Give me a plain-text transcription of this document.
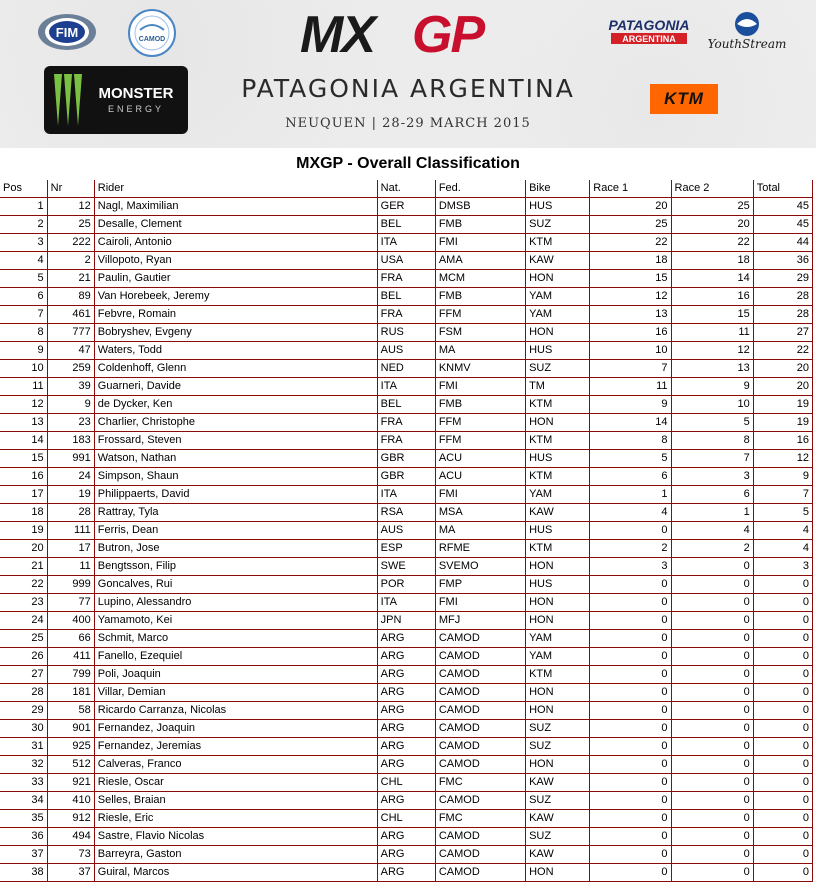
FIM	CAMOD
MONSTER
ENERGY
MX GP
PATAGONIA ARGENTINA
NEUQUEN | 28-29 MARCH 2015
PATAGONIA
ARGENTINA	YouthStream
KTM
MXGP - Overall Classification
Pos	Nr	Rider	Nat.	Fed.	Bike	Race 1	Race 2	Total
1	12	Nagl, Maximilian	GER	DMSB	HUS	20	25	45
2	25	Desalle, Clement	BEL	FMB	SUZ	25	20	45
3	222	Cairoli, Antonio	ITA	FMI	KTM	22	22	44
4	2	Villopoto, Ryan	USA	AMA	KAW	18	18	36
5	21	Paulin, Gautier	FRA	MCM	HON	15	14	29
6	89	Van Horebeek, Jeremy	BEL	FMB	YAM	12	16	28
7	461	Febvre, Romain	FRA	FFM	YAM	13	15	28
8	777	Bobryshev, Evgeny	RUS	FSM	HON	16	11	27
9	47	Waters, Todd	AUS	MA	HUS	10	12	22
10	259	Coldenhoff, Glenn	NED	KNMV	SUZ	7	13	20
11	39	Guarneri, Davide	ITA	FMI	TM	11	9	20
12	9	de Dycker, Ken	BEL	FMB	KTM	9	10	19
13	23	Charlier, Christophe	FRA	FFM	HON	14	5	19
14	183	Frossard, Steven	FRA	FFM	KTM	8	8	16
15	991	Watson, Nathan	GBR	ACU	HUS	5	7	12
16	24	Simpson, Shaun	GBR	ACU	KTM	6	3	9
17	19	Philippaerts, David	ITA	FMI	YAM	1	6	7
18	28	Rattray, Tyla	RSA	MSA	KAW	4	1	5
19	111	Ferris, Dean	AUS	MA	HUS	0	4	4
20	17	Butron, Jose	ESP	RFME	KTM	2	2	4
21	11	Bengtsson, Filip	SWE	SVEMO	HON	3	0	3
22	999	Goncalves, Rui	POR	FMP	HUS	0	0	0
23	77	Lupino, Alessandro	ITA	FMI	HON	0	0	0
24	400	Yamamoto, Kei	JPN	MFJ	HON	0	0	0
25	66	Schmit, Marco	ARG	CAMOD	YAM	0	0	0
26	411	Fanello, Ezequiel	ARG	CAMOD	YAM	0	0	0
27	799	Poli, Joaquin	ARG	CAMOD	KTM	0	0	0
28	181	Villar, Demian	ARG	CAMOD	HON	0	0	0
29	58	Ricardo Carranza, Nicolas	ARG	CAMOD	HON	0	0	0
30	901	Fernandez, Joaquin	ARG	CAMOD	SUZ	0	0	0
31	925	Fernandez, Jeremias	ARG	CAMOD	SUZ	0	0	0
32	512	Calveras, Franco	ARG	CAMOD	HON	0	0	0
33	921	Riesle, Oscar	CHL	FMC	KAW	0	0	0
34	410	Selles, Braian	ARG	CAMOD	SUZ	0	0	0
35	912	Riesle, Eric	CHL	FMC	KAW	0	0	0
36	494	Sastre, Flavio Nicolas	ARG	CAMOD	SUZ	0	0	0
37	73	Barreyra, Gaston	ARG	CAMOD	KAW	0	0	0
38	37	Guiral, Marcos	ARG	CAMOD	HON	0	0	0
